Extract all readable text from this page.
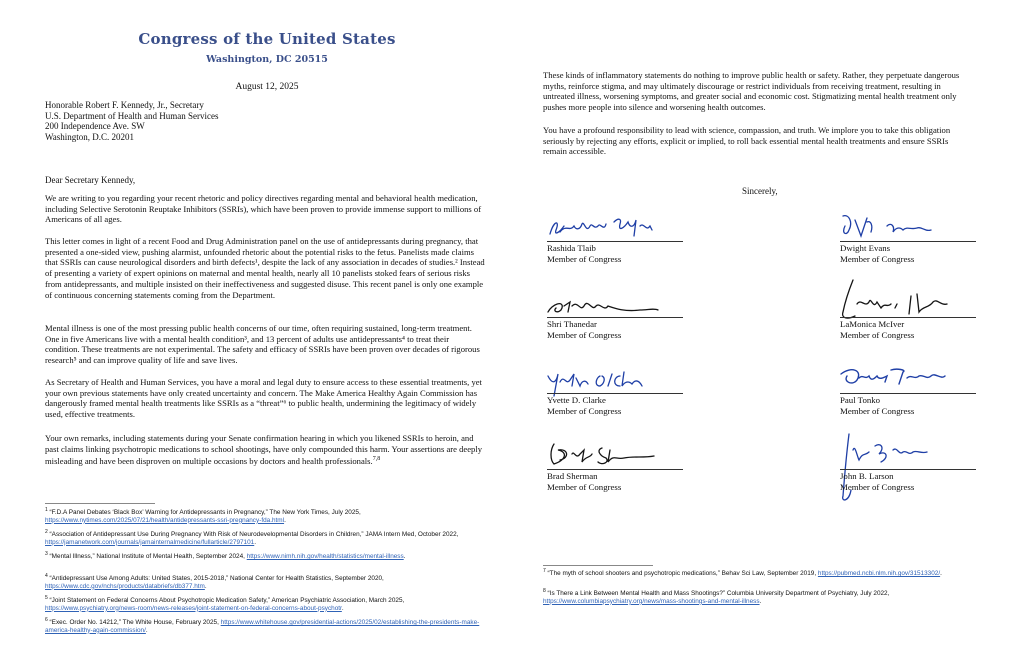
Congress of the United States
Washington, DC 20515
August 12, 2025
Honorable Robert F. Kennedy, Jr., Secretary
U.S. Department of Health and Human Services
200 Independence Ave. SW
Washington, D.C. 20201
Dear Secretary Kennedy,

We are writing to you regarding your recent rhetoric and policy directives regarding mental and behavioral health medication, including Selective Serotonin Reuptake Inhibitors (SSRIs), which have been proven to provide immense support to millions of Americans of all ages.

This letter comes in light of a recent Food and Drug Administration panel on the use of antidepressants during pregnancy, that presented a one-sided view, pushing alarmist, unfounded rhetoric about the potential risks to the fetus. Panelists made claims that SSRIs can cause neurological disorders and birth defects¹, despite the lack of any association in decades of studies.² Instead of presenting a variety of expert opinions on maternal and mental health, nearly all 10 panelists stoked fears of serious risks from antidepressants, and multiple insisted on their ineffectiveness and suggested disuse. This recent panel is only one example of continuous concerning statements coming from the Department.

Mental illness is one of the most pressing public health concerns of our time, often requiring sustained, long-term treatment. One in five Americans live with a mental health condition³, and 13 percent of adults use antidepressants⁴ to treat their condition. These treatments are not experimental. The safety and efficacy of SSRIs have been proven over decades of rigorous research⁵ and can improve quality of life and save lives.

As Secretary of Health and Human Services, you have a moral and legal duty to ensure access to these essential treatments, yet your own previous statements have only created uncertainty and concern. The Make America Healthy Again Commission has dangerously framed mental health treatments like SSRIs as a “threat”⁶ to public health, undermining the legitimacy of widely used, effective treatments.

Your own remarks, including statements during your Senate confirmation hearing in which you likened SSRIs to heroin, and past claims linking psychotropic medications to school shootings, have only compounded this harm. Your assertions are deeply misleading and have been disproven on multiple occasions by doctors and health professionals.$^{7,8}$

$^1$ “F.D.A Panel Debates ‘Black Box’ Warning for Antidepressants in Pregnancy,” The New York Times, July 2025, https://www.nytimes.com/2025/07/21/health/antidepressants-ssri-pregnancy-fda.html.
$^2$ “Association of Antidepressant Use During Pregnancy With Risk of Neurodevelopmental Disorders in Children,” JAMA Intern Med, October 2022, https://jamanetwork.com/journals/jamainternalmedicine/fullarticle/2797101.
$^3$ “Mental Illness,” National Institute of Mental Health, September 2024, https://www.nimh.nih.gov/health/statistics/mental-illness.
$^4$ “Antidepressant Use Among Adults: United States, 2015-2018,” National Center for Health Statistics, September 2020, https://www.cdc.gov/nchs/products/databriefs/db377.htm.
$^5$ “Joint Statement on Federal Concerns About Psychotropic Medication Safety,” American Psychiatric Association, March 2025, https://www.psychiatry.org/news-room/news-releases/joint-statement-on-federal-concerns-about-psychotr.
$^6$ “Exec. Order No. 14212,” The White House, February 2025, https://www.whitehouse.gov/presidential-actions/2025/02/establishing-the-presidents-make-america-healthy-again-commission/.

These kinds of inflammatory statements do nothing to improve public health or safety. Rather, they perpetuate dangerous myths, reinforce stigma, and may ultimately discourage or restrict individuals from receiving treatment, resulting in untreated illness, worsening symptoms, and greater social and economic cost. Stigmatizing mental health treatment only pushes more people into silence and worsening health outcomes.

You have a profound responsibility to lead with science, compassion, and truth. We implore you to take this obligation seriously by rejecting any efforts, explicit or implied, to roll back essential mental health treatments and ensure SSRIs remain accessible.

Sincerely,
Rashida Tlaib
Member of Congress
Dwight Evans
Member of Congress
Shri Thanedar
Member of Congress
LaMonica McIver
Member of Congress
Yvette D. Clarke
Member of Congress
Paul Tonko
Member of Congress
Brad Sherman
Member of Congress
John B. Larson
Member of Congress
$^7$ “The myth of school shooters and psychotropic medications,” Behav Sci Law, September 2019, https://pubmed.ncbi.nlm.nih.gov/31513302/.
$^8$ “Is There a Link Between Mental Health and Mass Shootings?” Columbia University Department of Psychiatry, July 2022, https://www.columbiapsychiatry.org/news/mass-shootings-and-mental-illness.
